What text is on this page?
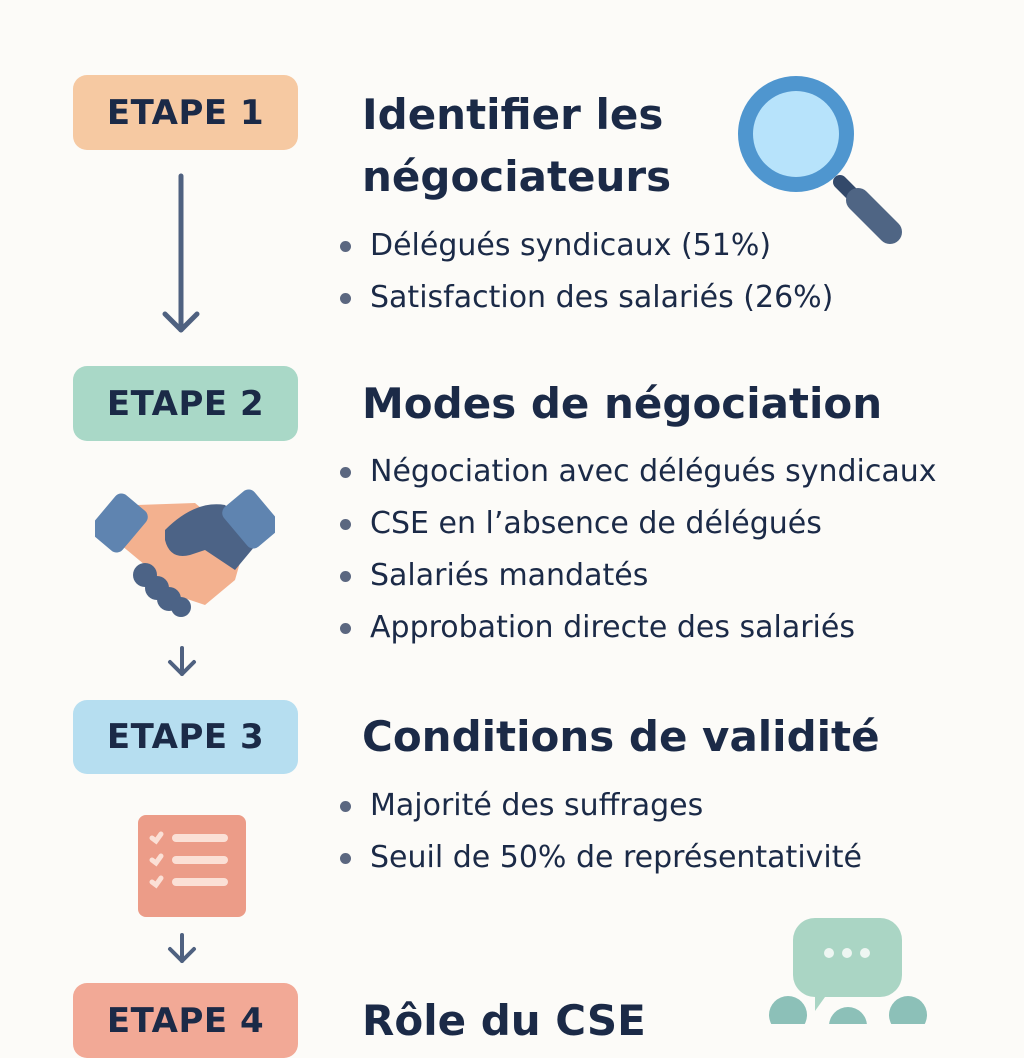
ETAPE 1 Identifier les
négociateurs
Délégués syndicaux (51%)
Satisfaction des salariés (26%)
ETAPE 2 Modes de négociation
Négociation avec délégués syndicaux
CSE en l’absence de délégués
Salariés mandatés
Approbation directe des salariés
ETAPE 3 Conditions de validité
Majorité des suffrages
Seuil de 50% de représentativité
ETAPE 4 Rôle du CSE
